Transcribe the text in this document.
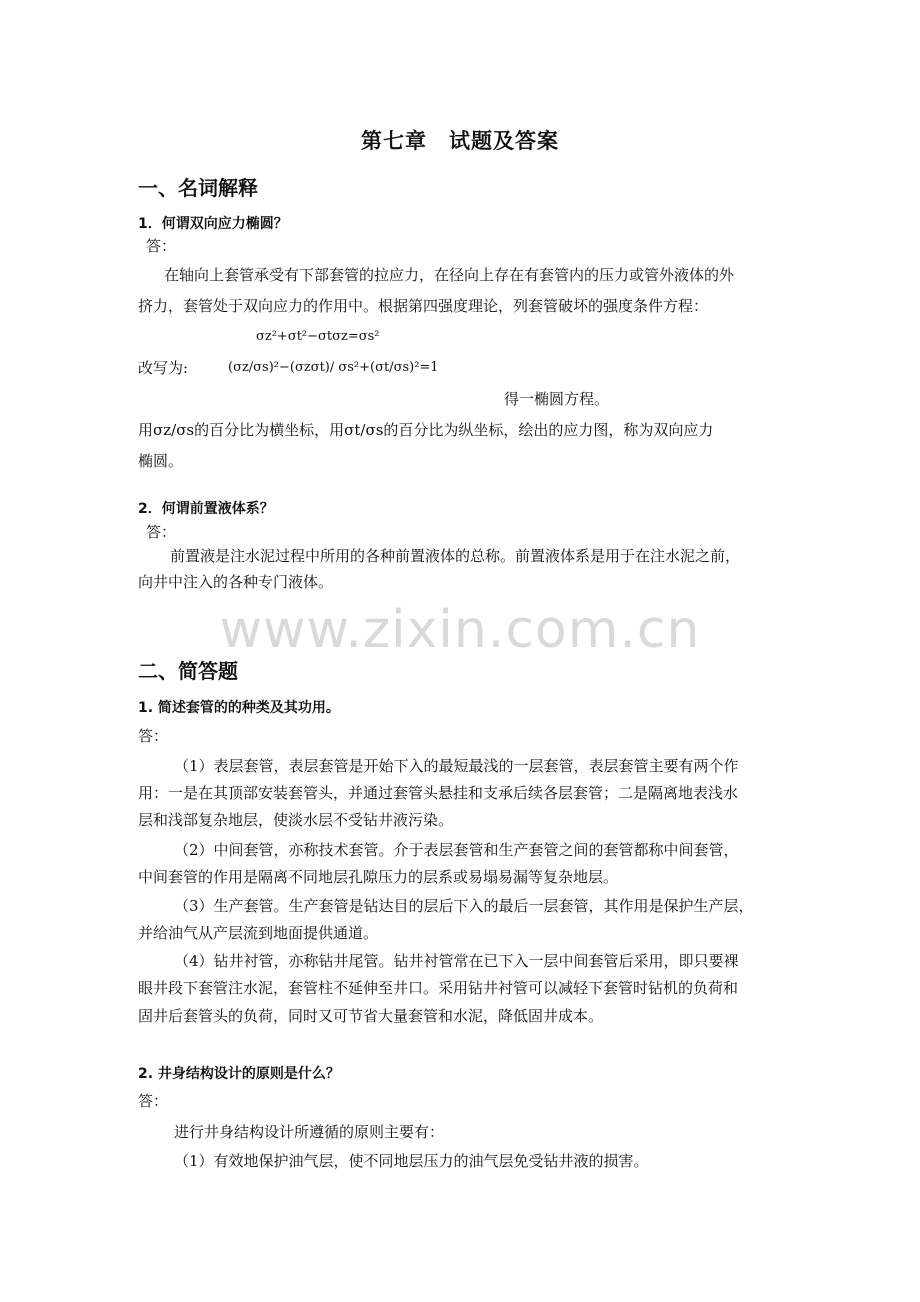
第七章　试题及答案
一、名词解释
1．何谓双向应力椭圆？
答：
在轴向上套管承受有下部套管的拉应力，在径向上存在有套管内的压力或管外液体的外
挤力，套管处于双向应力的作用中。根据第四强度理论，列套管破坏的强度条件方程：
σz²+σt²−σtσz=σs²
改写为:	(σz/σs)²−(σzσt)/ σs²+(σt/σs)²=1
得一椭圆方程。
用σz/σs的百分比为横坐标，用σt/σs的百分比为纵坐标，绘出的应力图，称为双向应力
椭圆。
2．何谓前置液体系？
答：
前置液是注水泥过程中所用的各种前置液体的总称。前置液体系是用于在注水泥之前，
向井中注入的各种专门液体。
www.zixin.com.cn
二、简答题
1. 简述套管的的种类及其功用。
答：
（1）表层套管，表层套管是开始下入的最短最浅的一层套管，表层套管主要有两个作
用：一是在其顶部安装套管头，并通过套管头悬挂和支承后续各层套管；二是隔离地表浅水
层和浅部复杂地层，使淡水层不受钻井液污染。
（2）中间套管，亦称技术套管。介于表层套管和生产套管之间的套管都称中间套管，
中间套管的作用是隔离不同地层孔隙压力的层系或易塌易漏等复杂地层。
（3）生产套管。生产套管是钻达目的层后下入的最后一层套管，其作用是保护生产层，
并给油气从产层流到地面提供通道。
（4）钻井衬管，亦称钻井尾管。钻井衬管常在已下入一层中间套管后采用，即只要裸
眼井段下套管注水泥，套管柱不延伸至井口。采用钻井衬管可以减轻下套管时钻机的负荷和
固井后套管头的负荷，同时又可节省大量套管和水泥，降低固井成本。
2. 井身结构设计的原则是什么？
答：
进行井身结构设计所遵循的原则主要有：
（1）有效地保护油气层，使不同地层压力的油气层免受钻井液的损害。
